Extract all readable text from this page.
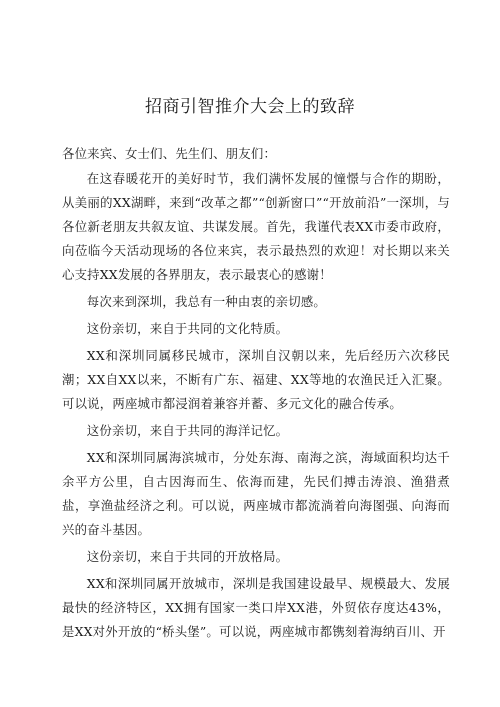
招商引智推介大会上的致辞

各位来宾、女士们、先生们、朋友们：

在这春暖花开的美好时节，我们满怀发展的憧憬与合作的期盼，从美丽的XX湖畔，来到“改革之都”“创新窗口”“开放前沿”一深圳，与各位新老朋友共叙友谊、共谋发展。首先，我谨代表XX市委市政府，向莅临今天活动现场的各位来宾，表示最热烈的欢迎！对长期以来关心支持XX发展的各界朋友，表示最衷心的感谢！

每次来到深圳，我总有一种由衷的亲切感。

这份亲切，来自于共同的文化特质。

XX和深圳同属移民城市，深圳自汉朝以来，先后经历六次移民潮；XX自XX以来，不断有广东、福建、XX等地的农渔民迁入汇聚。可以说，两座城市都浸润着兼容并蓄、多元文化的融合传承。

这份亲切，来自于共同的海洋记忆。

XX和深圳同属海滨城市，分处东海、南海之滨，海域面积均达千余平方公里，自古因海而生、依海而建，先民们搏击涛浪、渔猎煮盐，享渔盐经济之利。可以说，两座城市都流淌着向海图强、向海而兴的奋斗基因。

这份亲切，来自于共同的开放格局。

XX和深圳同属开放城市，深圳是我国建设最早、规模最大、发展最快的经济特区，XX拥有国家一类口岸XX港，外贸依存度达43%，是XX对外开放的“桥头堡”。可以说，两座城市都镌刻着海纳百川、开
